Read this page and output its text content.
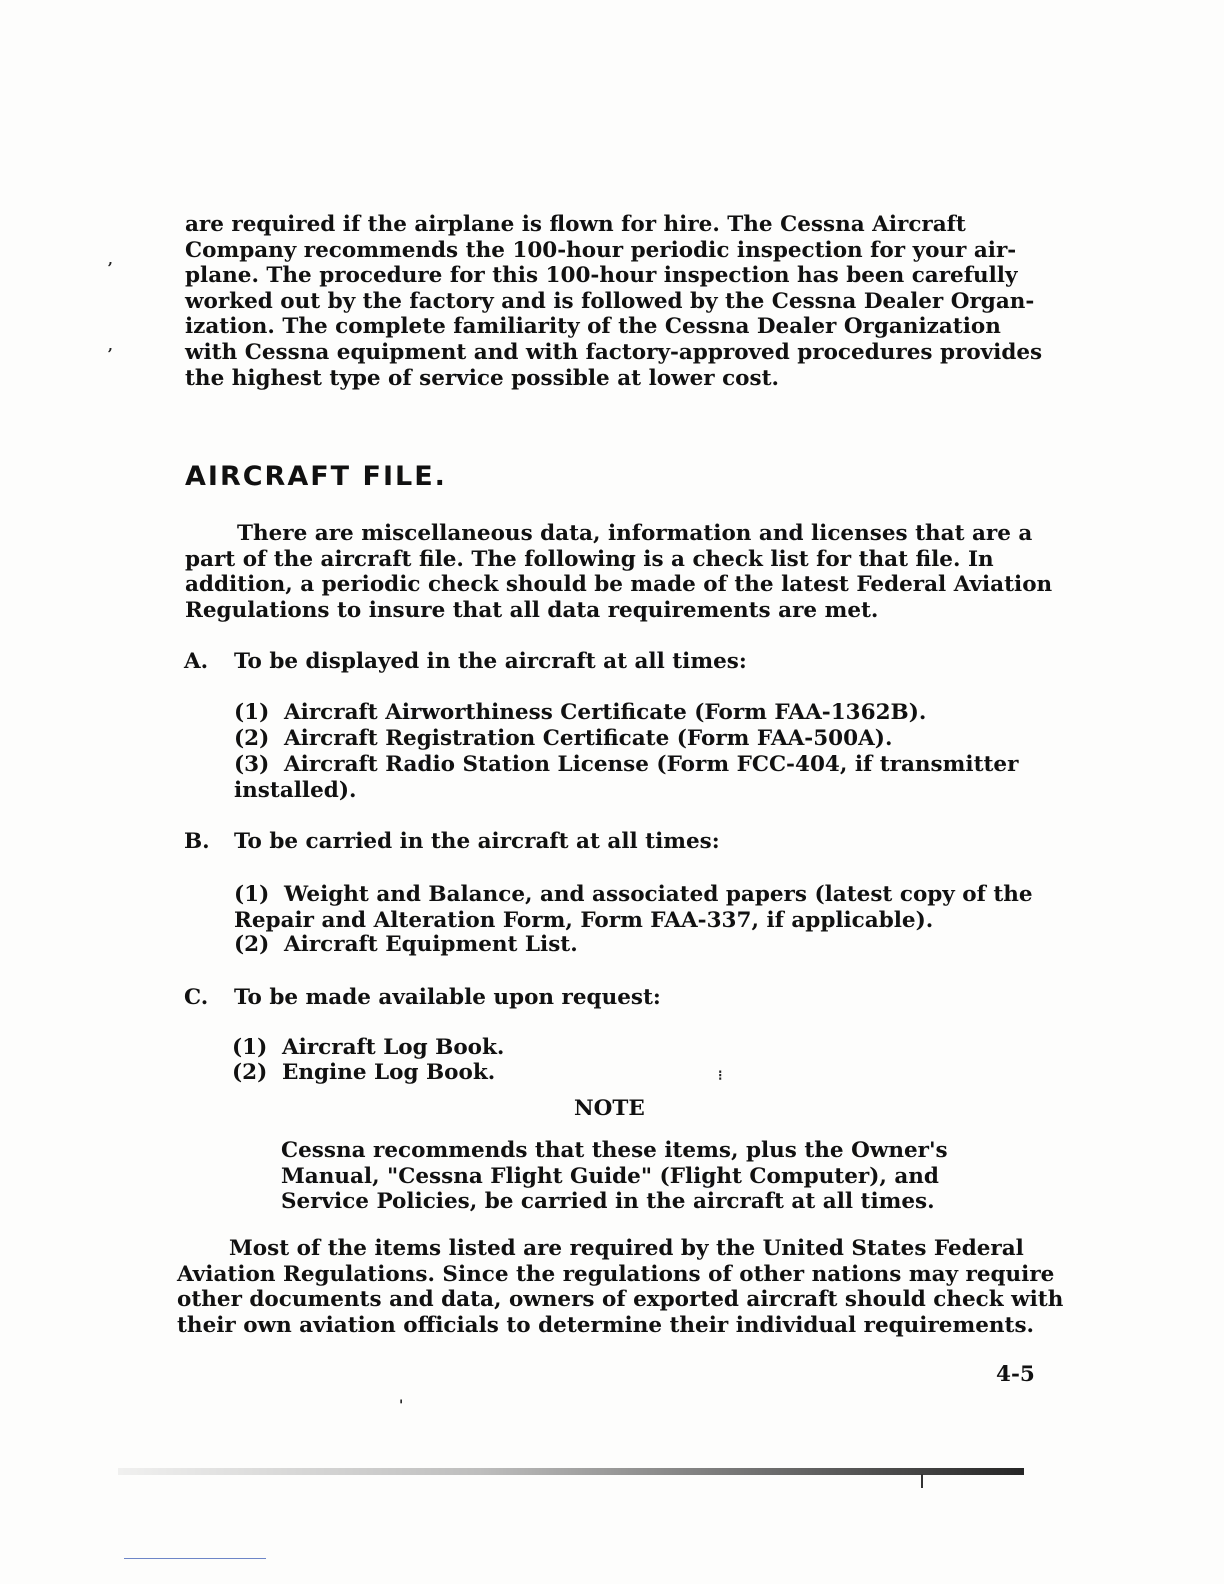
are required if the airplane is flown for hire. The Cessna Aircraft
Company recommends the 100-hour periodic inspection for your air-
plane. The procedure for this 100-hour inspection has been carefully
worked out by the factory and is followed by the Cessna Dealer Organ-
ization. The complete familiarity of the Cessna Dealer Organization
with Cessna equipment and with factory-approved procedures provides
the highest type of service possible at lower cost.

,
,
AIRCRAFT FILE.

There are miscellaneous data, information and licenses that are a
part of the aircraft file. The following is a check list for that file. In
addition, a periodic check should be made of the latest Federal Aviation
Regulations to insure that all data requirements are met.

A. To be displayed in the aircraft at all times:
(1) Aircraft Airworthiness Certificate (Form FAA-1362B).
(2) Aircraft Registration Certificate (Form FAA-500A).
(3) Aircraft Radio Station License (Form FCC-404, if transmitter
installed).
B. To be carried in the aircraft at all times:
(1) Weight and Balance, and associated papers (latest copy of the
Repair and Alteration Form, Form FAA-337, if applicable).
(2) Aircraft Equipment List.
C. To be made available upon request:
(1) Aircraft Log Book.
(2) Engine Log Book.	⁝
NOTE

Cessna recommends that these items, plus the Owner's
Manual, "Cessna Flight Guide" (Flight Computer), and
Service Policies, be carried in the aircraft at all times.

Most of the items listed are required by the United States Federal
Aviation Regulations. Since the regulations of other nations may require
other documents and data, owners of exported aircraft should check with
their own aviation officials to determine their individual requirements.

4-5
'
